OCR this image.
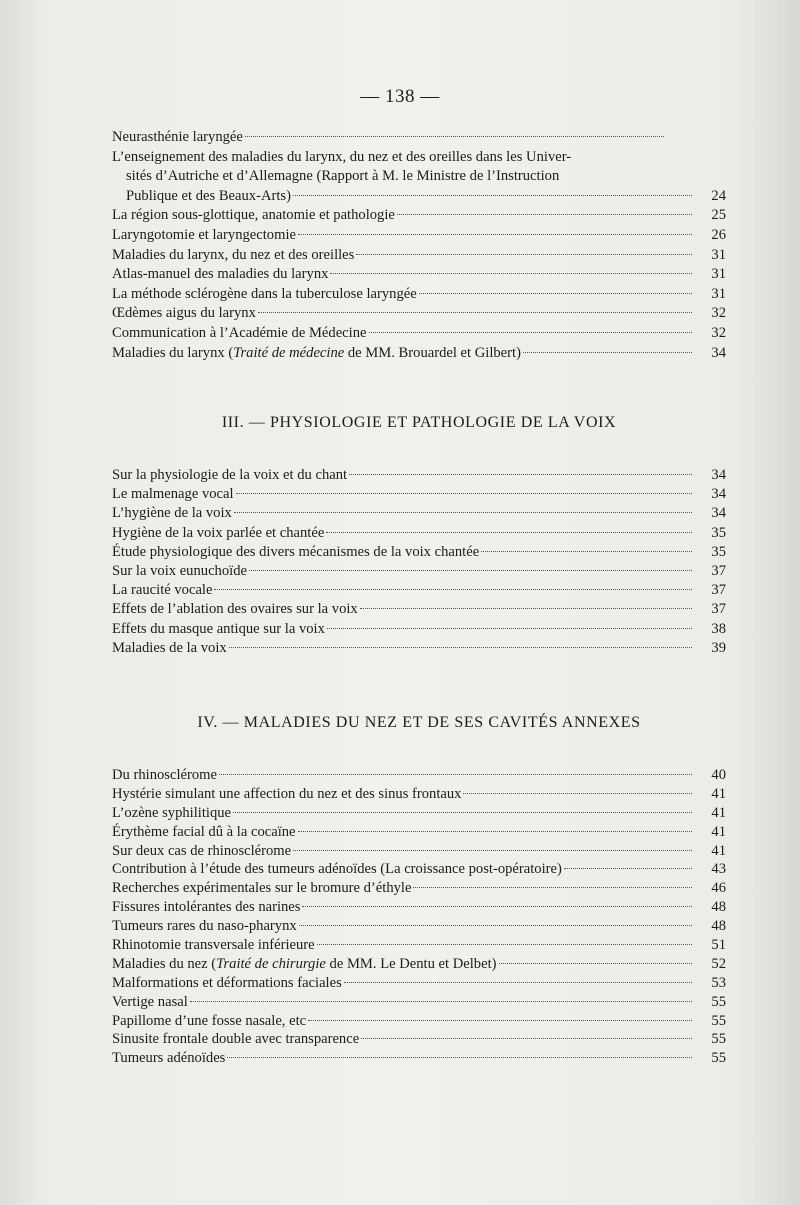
— 138 —
Neurasthénie laryngée
L’enseignement des maladies du larynx, du nez et des oreilles dans les Univer-
sités d’Autriche et d’Allemagne (Rapport à M. le Ministre de l’Instruction
Publique et des Beaux-Arts)	24
La région sous-glottique, anatomie et pathologie	25
Laryngotomie et laryngectomie	26
Maladies du larynx, du nez et des oreilles	31
Atlas-manuel des maladies du larynx	31
La méthode sclérogène dans la tuberculose laryngée	31
Œdèmes aigus du larynx	32
Communication à l’Académie de Médecine	32
Maladies du larynx (Traité de médecine de MM. Brouardel et Gilbert)	34
III. — PHYSIOLOGIE ET PATHOLOGIE DE LA VOIX
Sur la physiologie de la voix et du chant	34
Le malmenage vocal	34
L’hygiène de la voix	34
Hygiène de la voix parlée et chantée	35
Étude physiologique des divers mécanismes de la voix chantée	35
Sur la voix eunuchoïde	37
La raucité vocale	37
Effets de l’ablation des ovaires sur la voix	37
Effets du masque antique sur la voix	38
Maladies de la voix	39
IV. — MALADIES DU NEZ ET DE SES CAVITÉS ANNEXES
Du rhinosclérome	40
Hystérie simulant une affection du nez et des sinus frontaux	41
L’ozène syphilitique	41
Érythème facial dû à la cocaïne	41
Sur deux cas de rhinosclérome	41
Contribution à l’étude des tumeurs adénoïdes (La croissance post-opératoire)	43
Recherches expérimentales sur le bromure d’éthyle	46
Fissures intolérantes des narines	48
Tumeurs rares du naso-pharynx	48
Rhinotomie transversale inférieure	51
Maladies du nez (Traité de chirurgie de MM. Le Dentu et Delbet)	52
Malformations et déformations faciales	53
Vertige nasal	55
Papillome d’une fosse nasale, etc	55
Sinusite frontale double avec transparence	55
Tumeurs adénoïdes	55
